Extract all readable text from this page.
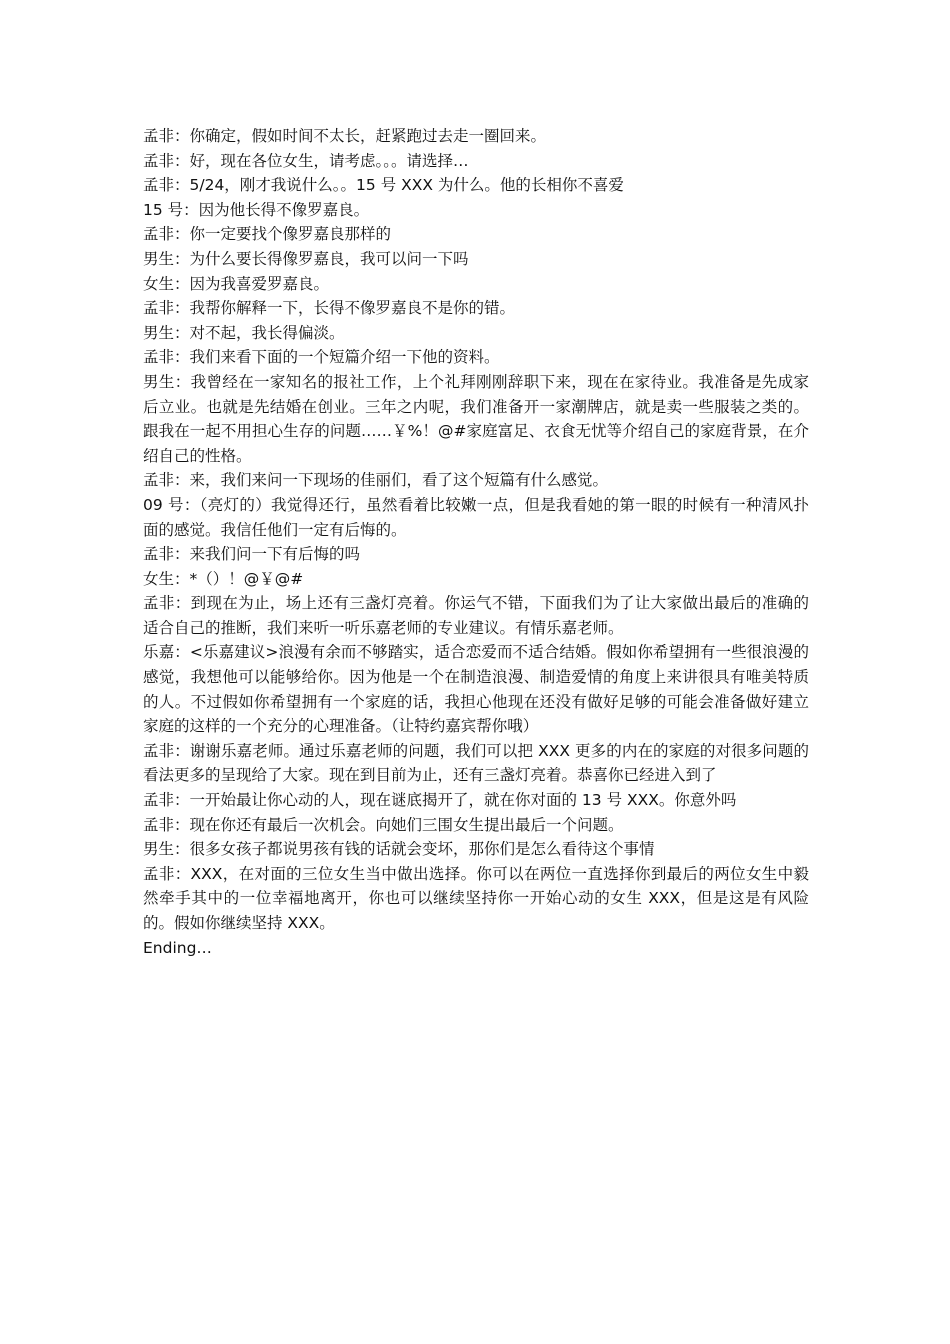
孟非：你确定，假如时间不太长，赶紧跑过去走一圈回来。

孟非：好，现在各位女生，请考虑。。。请选择…

孟非：5/24，刚才我说什么。。15 号 XXX 为什么。他的长相你不喜爱

15 号：因为他长得不像罗嘉良。

孟非：你一定要找个像罗嘉良那样的

男生：为什么要长得像罗嘉良，我可以问一下吗

女生：因为我喜爱罗嘉良。

孟非：我帮你解释一下，长得不像罗嘉良不是你的错。

男生：对不起，我长得偏淡。

孟非：我们来看下面的一个短篇介绍一下他的资料。

男生：我曾经在一家知名的报社工作，上个礼拜刚刚辞职下来，现在在家待业。我准备是先成家后立业。也就是先结婚在创业。三年之内呢，我们准备开一家潮牌店，就是卖一些服装之类的。跟我在一起不用担心生存的问题……￥%！@#家庭富足、衣食无忧等介绍自己的家庭背景，在介绍自己的性格。

孟非：来，我们来问一下现场的佳丽们，看了这个短篇有什么感觉。

09 号：（亮灯的）我觉得还行，虽然看着比较嫩一点，但是我看她的第一眼的时候有一种清风扑面的感觉。我信任他们一定有后悔的。

孟非：来我们问一下有后悔的吗

女生：*（）！@￥@#

孟非：到现在为止，场上还有三盏灯亮着。你运气不错，下面我们为了让大家做出最后的准确的适合自己的推断，我们来听一听乐嘉老师的专业建议。有情乐嘉老师。

乐嘉：<乐嘉建议>浪漫有余而不够踏实，适合恋爱而不适合结婚。假如你希望拥有一些很浪漫的感觉，我想他可以能够给你。因为他是一个在制造浪漫、制造爱情的角度上来讲很具有唯美特质的人。不过假如你希望拥有一个家庭的话，我担心他现在还没有做好足够的可能会准备做好建立家庭的这样的一个充分的心理准备。（让特约嘉宾帮你哦）

孟非：谢谢乐嘉老师。通过乐嘉老师的问题，我们可以把 XXX 更多的内在的家庭的对很多问题的看法更多的呈现给了大家。现在到目前为止，还有三盏灯亮着。恭喜你已经进入到了

孟非：一开始最让你心动的人，现在谜底揭开了，就在你对面的 13 号 XXX。你意外吗

孟非：现在你还有最后一次机会。向她们三围女生提出最后一个问题。

男生：很多女孩子都说男孩有钱的话就会变坏，那你们是怎么看待这个事情

孟非：XXX，在对面的三位女生当中做出选择。你可以在两位一直选择你到最后的两位女生中毅然牵手其中的一位幸福地离开，你也可以继续坚持你一开始心动的女生 XXX，但是这是有风险的。假如你继续坚持 XXX。

Ending…
